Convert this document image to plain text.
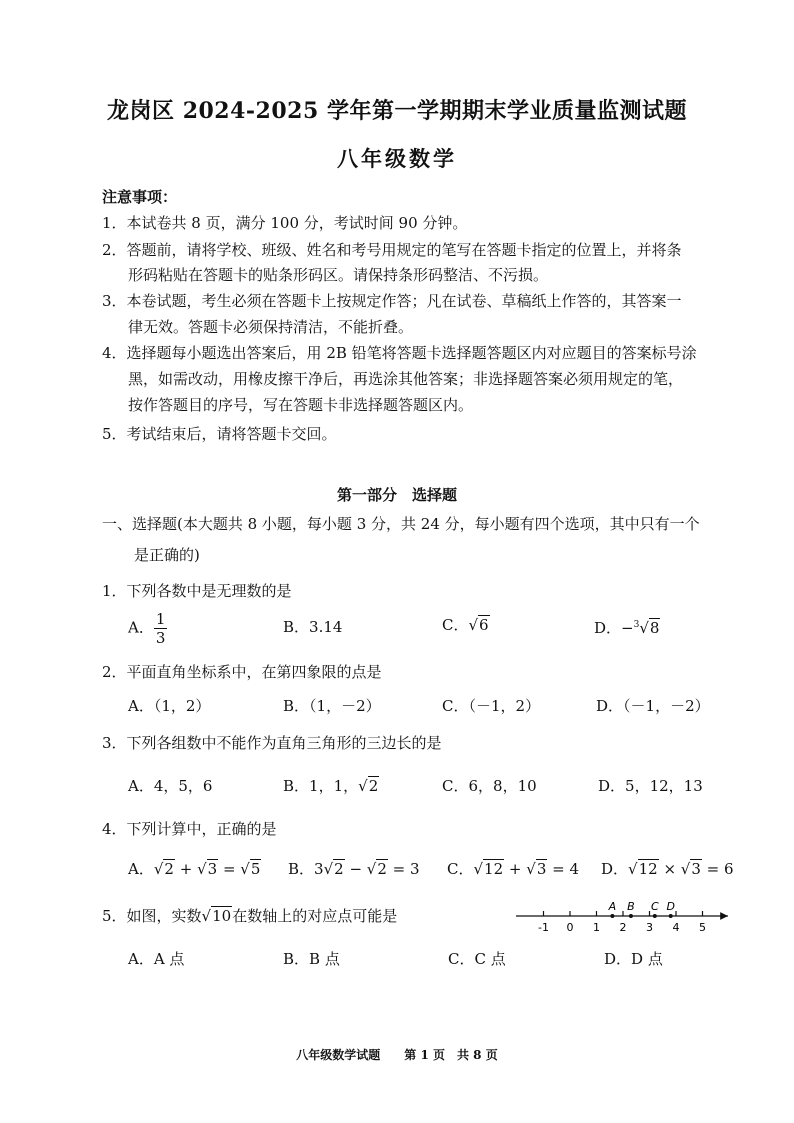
龙岗区 2024-2025 学年第一学期期末学业质量监测试题
八年级数学
注意事项：
1．本试卷共 8 页，满分 100 分，考试时间 90 分钟。
2．答题前，请将学校、班级、姓名和考号用规定的笔写在答题卡指定的位置上，并将条
形码粘贴在答题卡的贴条形码区。请保持条形码整洁、不污损。
3．本卷试题，考生必须在答题卡上按规定作答；凡在试卷、草稿纸上作答的，其答案一
律无效。答题卡必须保持清洁，不能折叠。
4．选择题每小题选出答案后，用 2B 铅笔将答题卡选择题答题区内对应题目的答案标号涂
黑，如需改动，用橡皮擦干净后，再选涂其他答案；非选择题答案必须用规定的笔，
按作答题目的序号，写在答题卡非选择题答题区内。
5．考试结束后，请将答题卡交回。
第一部分　选择题
一、选择题(本大题共 8 小题，每小题 3 分，共 24 分，每小题有四个选项，其中只有一个
是正确的)
1．下列各数中是无理数的是
A． $\frac{1}{3}$	B．3.14	C．√6	D．−$^3$√8
2．平面直角坐标系中，在第四象限的点是
A．（1，2）	B．（1，－2）	C．（－1，2）	D．（－1，－2）
3．下列各组数中不能作为直角三角形的三边长的是
A．4，5，6	B．1，1，√2	C．6，8，10	D．5，12，13
4．下列计算中，正确的是
A．√2 + √3 = √5 B．3√2 − √2 = 3 C．√12 + √3 = 4 D．√12 × √3 = 6
5．如图，实数√10在数轴上的对应点可能是
-1 0 1 2 3 4 5
A B C D
A．A 点	B．B 点	C．C 点	D．D 点
八年级数学试题　　第 1 页　共 8 页
